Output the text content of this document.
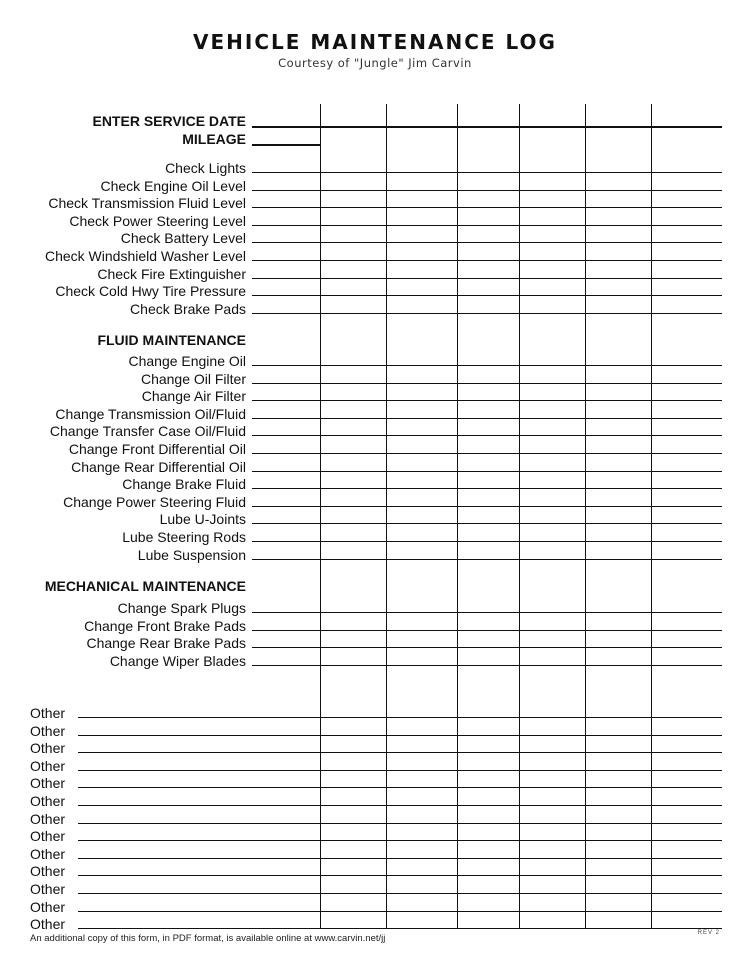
VEHICLE MAINTENANCE LOG
Courtesy of "Jungle" Jim Carvin
ENTER SERVICE DATE
MILEAGE
FLUID MAINTENANCE
MECHANICAL MAINTENANCE
Check Lights
Check Engine Oil Level
Check Transmission Fluid Level
Check Power Steering Level
Check Battery Level
Check Windshield Washer Level
Check Fire Extinguisher
Check Cold Hwy Tire Pressure
Check Brake Pads
Change Engine Oil
Change Oil Filter
Change Air Filter
Change Transmission Oil/Fluid
Change Transfer Case Oil/Fluid
Change Front Differential Oil
Change Rear Differential Oil
Change Brake Fluid
Change Power Steering Fluid
Lube U-Joints
Lube Steering Rods
Lube Suspension
Change Spark Plugs
Change Front Brake Pads
Change Rear Brake Pads
Change Wiper Blades
Other
Other
Other
Other
Other
Other
Other
Other
Other
Other
Other
Other
Other
An additional copy of this form, in PDF format, is available online at www.carvin.net/jj	REV 2
